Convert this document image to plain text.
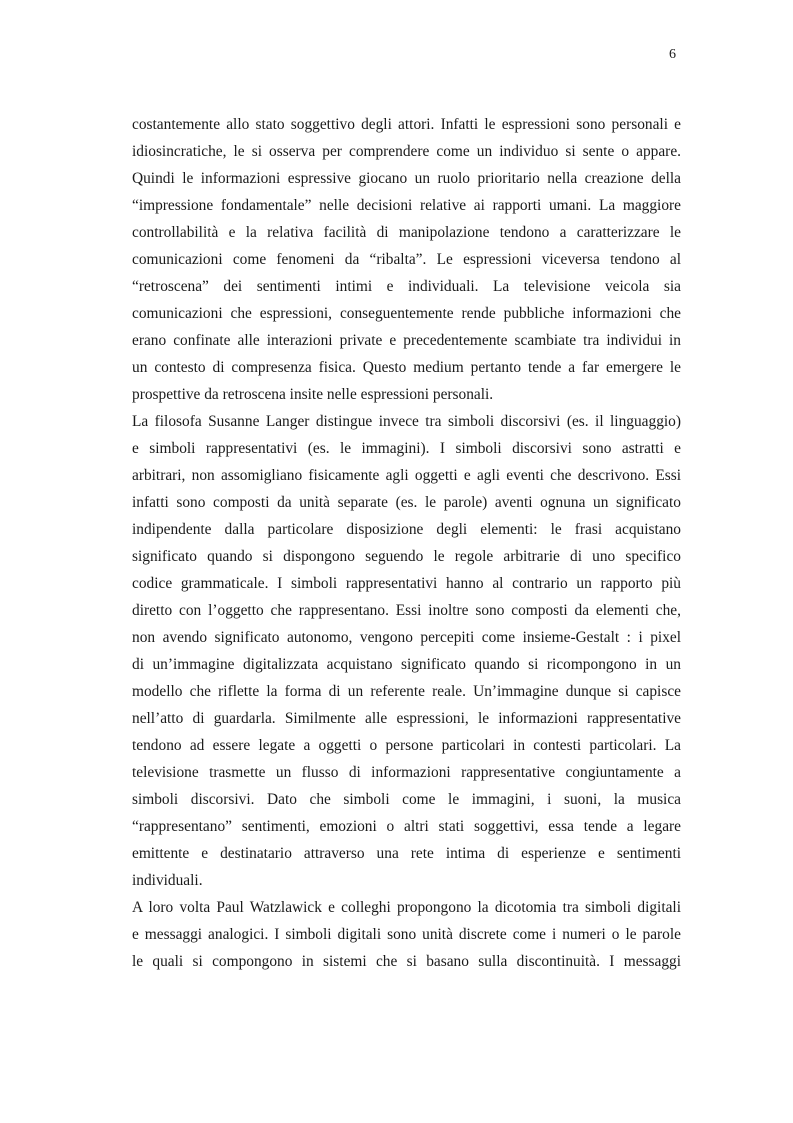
6
costantemente allo stato soggettivo degli attori. Infatti le espressioni sono personali e
idiosincratiche, le si osserva per comprendere come un individuo si sente o appare.
Quindi le informazioni espressive giocano un ruolo prioritario nella creazione della
“impressione fondamentale” nelle decisioni relative ai rapporti umani. La maggiore
controllabilità e la relativa facilità di manipolazione tendono a caratterizzare le
comunicazioni come fenomeni da “ribalta”. Le espressioni viceversa tendono al
“retroscena” dei sentimenti intimi e individuali. La televisione veicola sia
comunicazioni che espressioni, conseguentemente rende pubbliche informazioni che
erano confinate alle interazioni private e precedentemente scambiate tra individui in
un contesto di compresenza fisica. Questo medium pertanto tende a far emergere le
prospettive da retroscena insite nelle espressioni personali.
La filosofa Susanne Langer distingue invece tra simboli discorsivi (es. il linguaggio)
e simboli rappresentativi (es. le immagini). I simboli discorsivi sono astratti e
arbitrari, non assomigliano fisicamente agli oggetti e agli eventi che descrivono. Essi
infatti sono composti da unità separate (es. le parole) aventi ognuna un significato
indipendente dalla particolare disposizione degli elementi: le frasi acquistano
significato quando si dispongono seguendo le regole arbitrarie di uno specifico
codice grammaticale. I simboli rappresentativi hanno al contrario un rapporto più
diretto con l’oggetto che rappresentano. Essi inoltre sono composti da elementi che,
non avendo significato autonomo, vengono percepiti come insieme-Gestalt : i pixel
di un’immagine digitalizzata acquistano significato quando si ricompongono in un
modello che riflette la forma di un referente reale. Un’immagine dunque si capisce
nell’atto di guardarla. Similmente alle espressioni, le informazioni rappresentative
tendono ad essere legate a oggetti o persone particolari in contesti particolari. La
televisione trasmette un flusso di informazioni rappresentative congiuntamente a
simboli discorsivi. Dato che simboli come le immagini, i suoni, la musica
“rappresentano” sentimenti, emozioni o altri stati soggettivi, essa tende a legare
emittente e destinatario attraverso una rete intima di esperienze e sentimenti
individuali.
A loro volta Paul Watzlawick e colleghi propongono la dicotomia tra simboli digitali
e messaggi analogici. I simboli digitali sono unità discrete come i numeri o le parole
le quali si compongono in sistemi che si basano sulla discontinuità. I messaggi
